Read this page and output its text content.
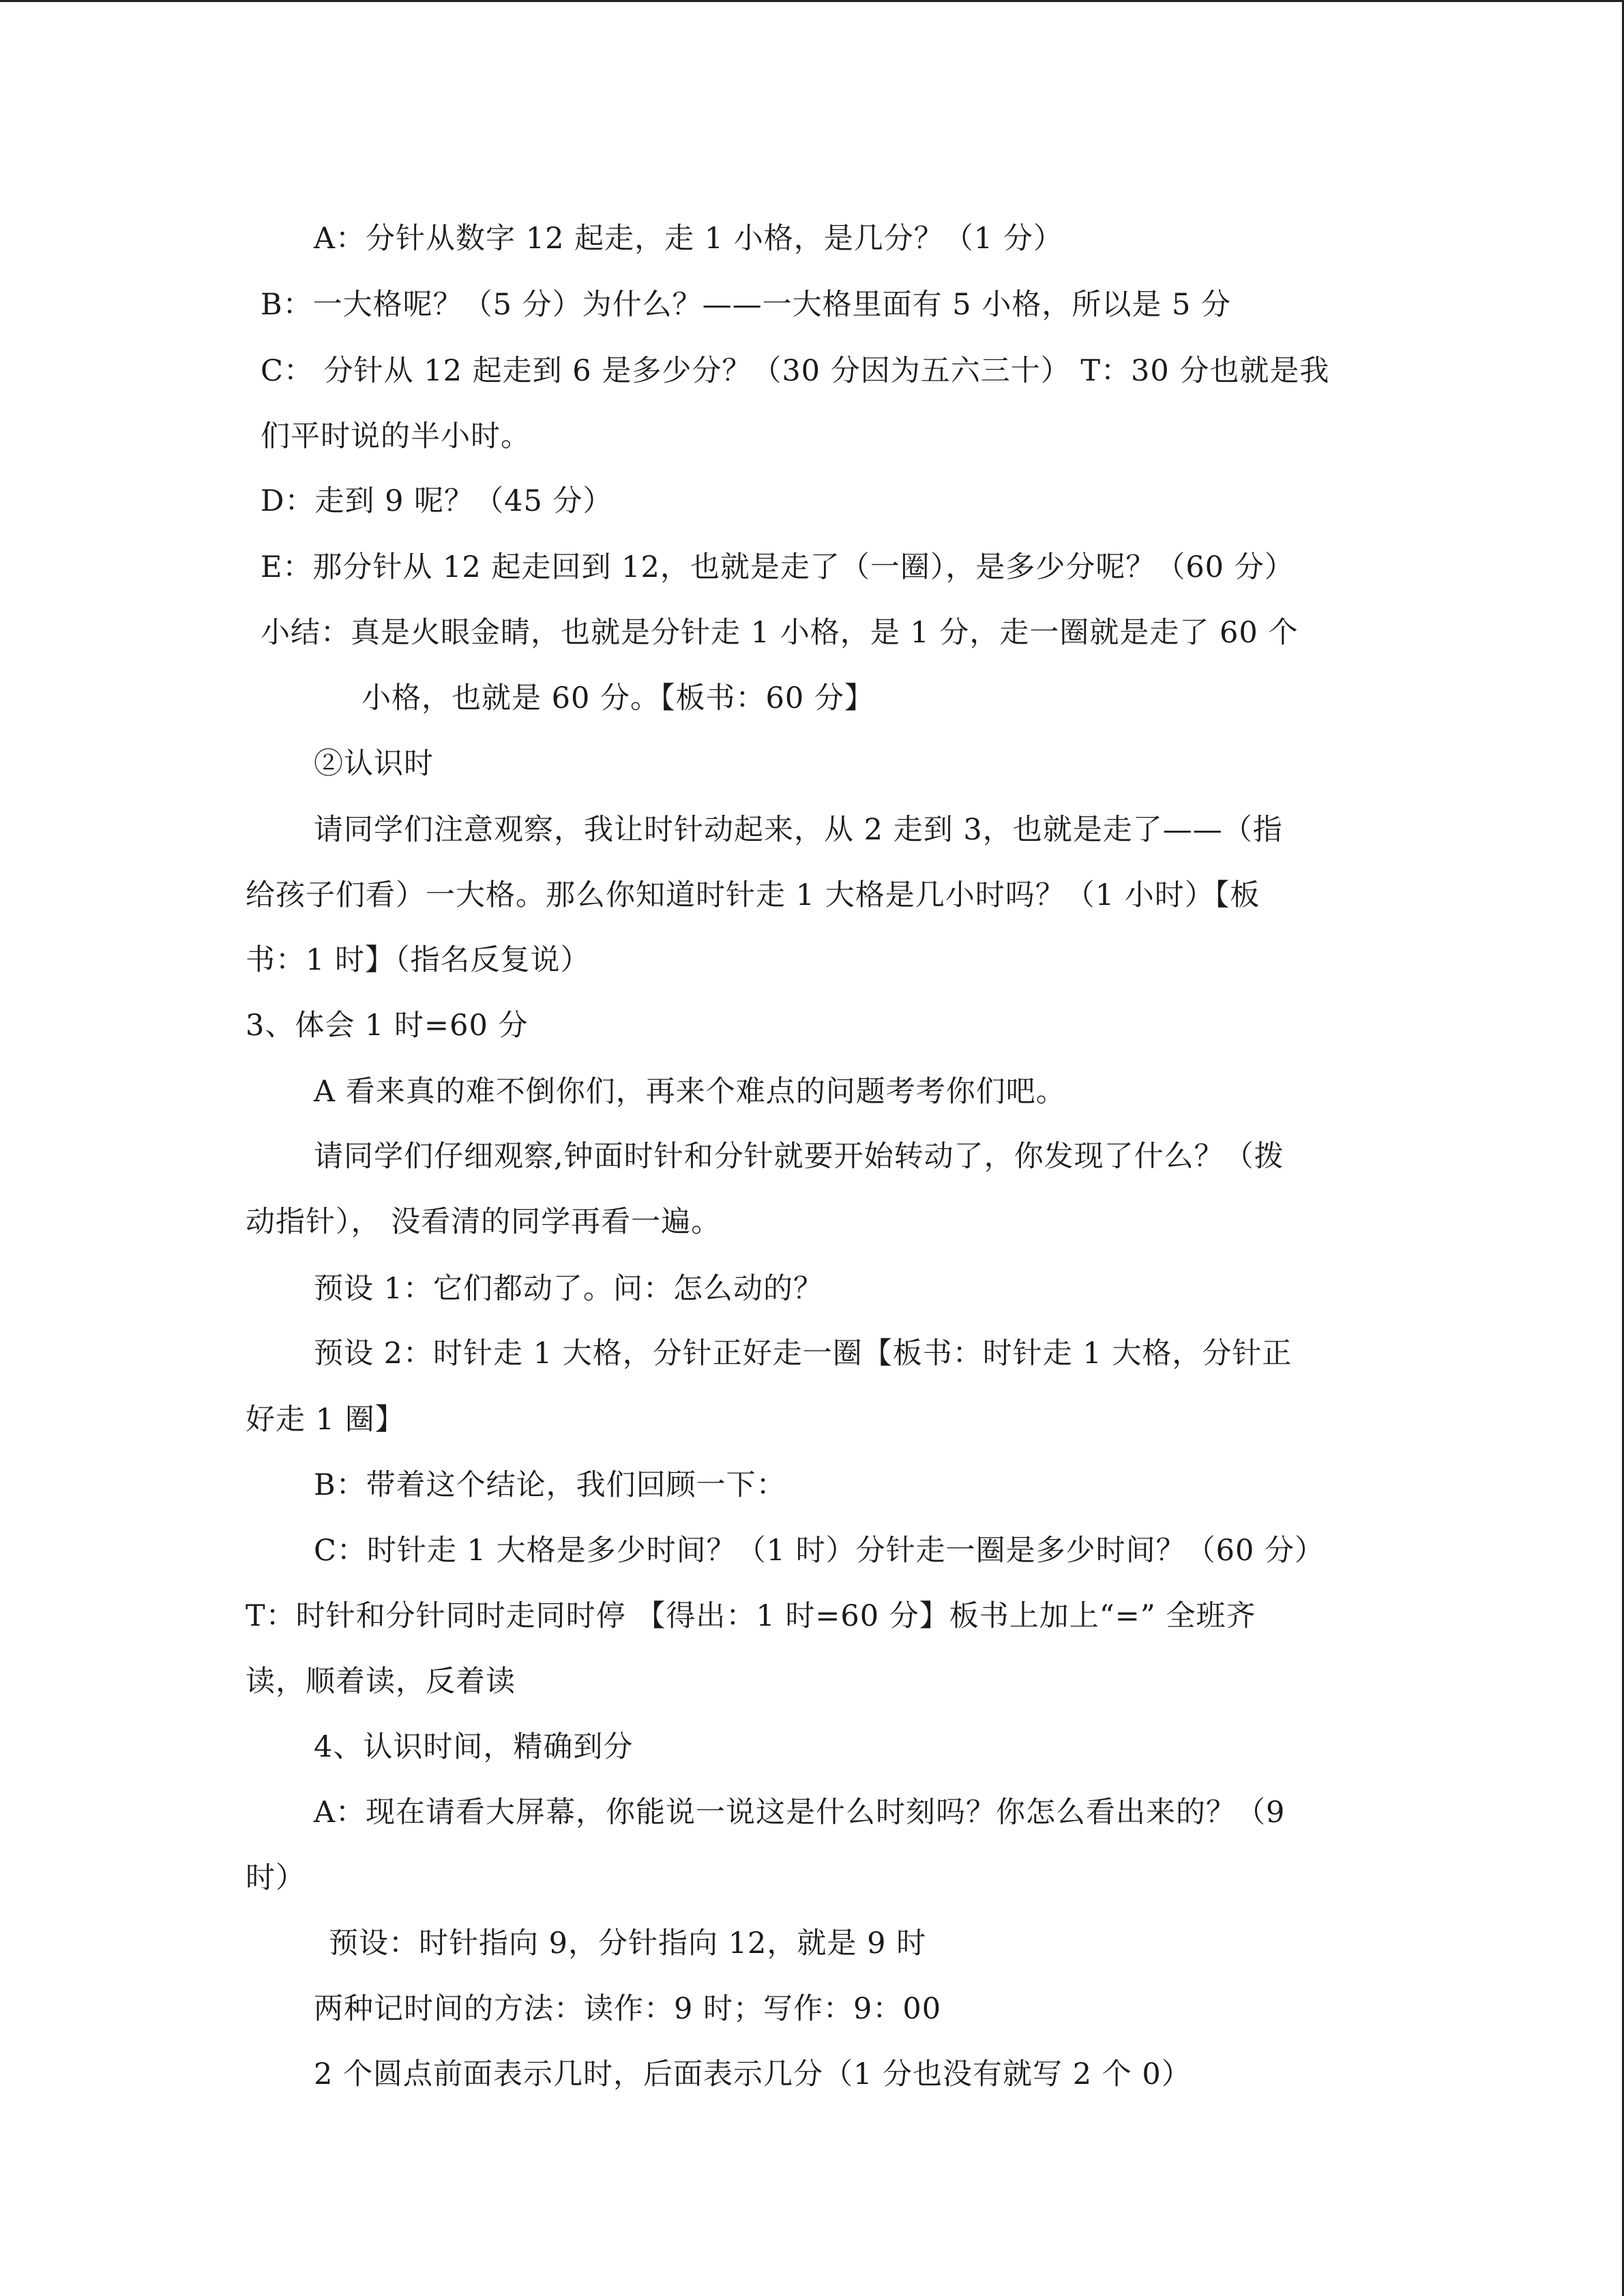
A：分针从数字 12 起走，走 1 小格，是几分？（1 分）
B：一大格呢？（5 分）为什么？——一大格里面有 5 小格，所以是 5 分
C： 分针从 12 起走到 6 是多少分？（30 分因为五六三十） T：30 分也就是我
们平时说的半小时。
D：走到 9 呢？（45 分）
E：那分针从 12 起走回到 12，也就是走了（一圈），是多少分呢？（60 分）
小结：真是火眼金睛，也就是分针走 1 小格，是 1 分，走一圈就是走了 60 个
小格，也就是 60 分。【板书：60 分】
②认识时
请同学们注意观察，我让时针动起来，从 2 走到 3，也就是走了——（指
给孩子们看）一大格。那么你知道时针走 1 大格是几小时吗？（1 小时）【板
书：1 时】（指名反复说）
3、体会 1 时=60 分
A 看来真的难不倒你们，再来个难点的问题考考你们吧。
请同学们仔细观察,钟面时针和分针就要开始转动了，你发现了什么？（拨
动指针）， 没看清的同学再看一遍。
预设 1：它们都动了。问：怎么动的？
预设 2：时针走 1 大格，分针正好走一圈【板书：时针走 1 大格，分针正
好走 1 圈】
B：带着这个结论，我们回顾一下：
C：时针走 1 大格是多少时间？（1 时）分针走一圈是多少时间？（60 分）
T：时针和分针同时走同时停 【得出：1 时=60 分】板书上加上“=” 全班齐
读，顺着读，反着读
4、认识时间，精确到分
A：现在请看大屏幕，你能说一说这是什么时刻吗？你怎么看出来的？（9
时）
预设：时针指向 9，分针指向 12，就是 9 时
两种记时间的方法：读作：9 时；写作：9：00
2 个圆点前面表示几时，后面表示几分（1 分也没有就写 2 个 0）
